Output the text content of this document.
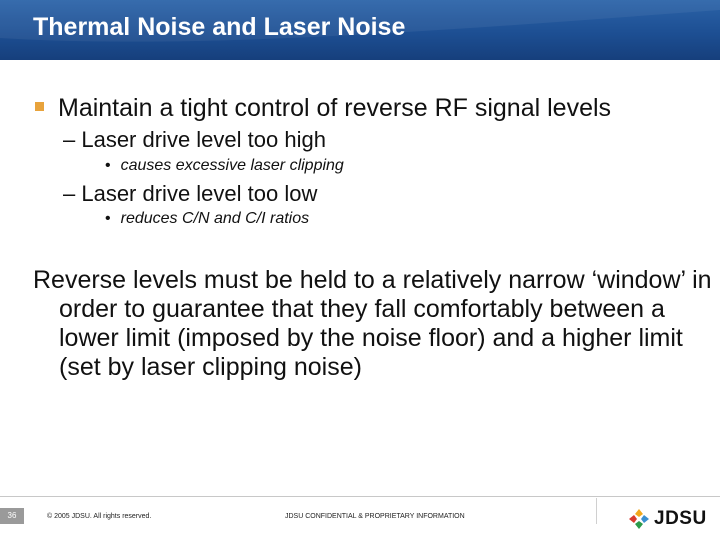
Thermal Noise and Laser Noise
Maintain a tight control of reverse RF signal levels
– Laser drive level too high
• causes excessive laser clipping
– Laser drive level too low
• reduces C/N and C/I ratios
Reverse levels must be held to a relatively narrow ‘window’ in order to guarantee that they fall comfortably between a lower limit (imposed by the noise floor) and a higher limit (set by laser clipping noise)
36	© 2005 JDSU. All rights reserved.	JDSU CONFIDENTIAL & PROPRIETARY INFORMATION	JDSU
